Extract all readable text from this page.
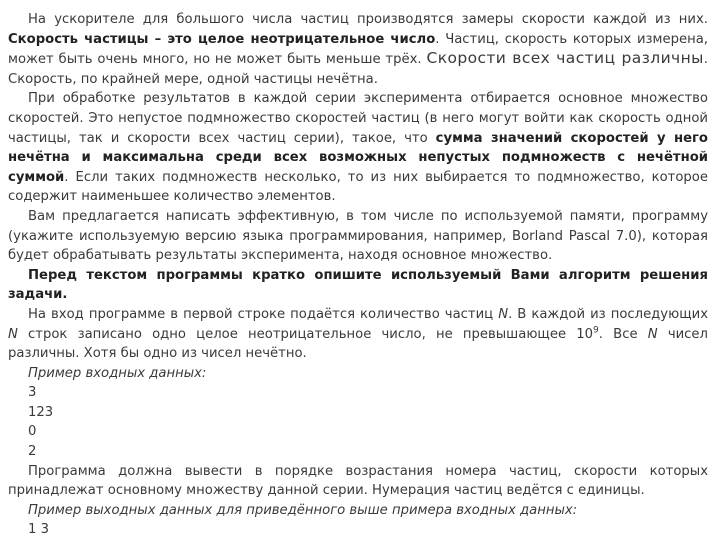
На ускорителе для большого числа частиц производятся замеры скорости каждой из них. Скорость частицы – это целое неотрицательное число. Частиц, скорость которых измерена, может быть очень много, но не может быть меньше трёх. Скорости всех частиц различны. Скорость, по крайней мере, одной частицы нечётна.

При обработке результатов в каждой серии эксперимента отбирается основное множество скоростей. Это непустое подмножество скоростей частиц (в него могут войти как скорость одной частицы, так и скорости всех частиц серии), такое, что сумма значений скоростей у него нечётна и максимальна среди всех возможных непустых подмножеств с нечётной суммой. Если таких подмножеств несколько, то из них выбирается то подмножество, которое содержит наименьшее количество элементов.

Вам предлагается написать эффективную, в том числе по используемой памяти, программу (укажите используемую версию языка программирования, например, Borland Pascal 7.0), которая будет обрабатывать результаты эксперимента, находя основное множество.

Перед текстом программы кратко опишите используемый Вами алгоритм решения задачи.

На вход программе в первой строке подаётся количество частиц N. В каждой из последующих N строк записано одно целое неотрицательное число, не превышающее $10^9$. Все N чисел различны. Хотя бы одно из чисел нечётно.

Пример входных данных:

3

123

0

2

Программа должна вывести в порядке возрастания номера частиц, скорости которых принадлежат основному множеству данной серии. Нумерация частиц ведётся с единицы.

Пример выходных данных для приведённого выше примера входных данных:

1 3
